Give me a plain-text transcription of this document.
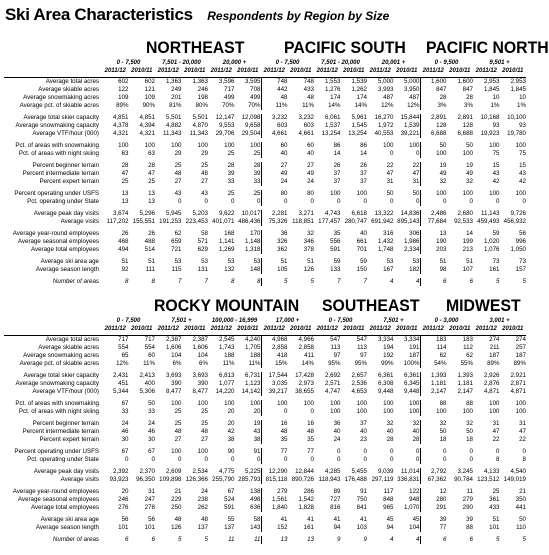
Ski Area Characteristics Respondents by Region by Size
NORTHEAST PACIFIC SOUTH PACIFIC NORTH
0 - 7,500	7,501 - 20,000	20,000 +	0 - 7,500	7,501 - 20,000	20,001 +	0 - 9,500	9,501 +
2011/12 2010/11 2011/12 2010/11 2011/12 2010/11 2011/12 2010/11 2011/12 2010/11 2011/12 2010/11 2011/12 2010/11 2011/12 2010/11
Average total acres	602	602	1,363	1,363	3,596	3,595	748	748	1,553	1,539	5,000	5,000	1,600	1,600	2,953	2,953
Average skiable acres	122	121	249	246	717	708	442	433	1,276	1,262	3,993	3,950	847	847	1,845	1,845
Average snowmaking acres	109	109	201	198	499	499	48	48	174	174	487	487	28	28	10	10
Average pct. of skiable acres	89%	90%	81%	80%	70%	70%	11%	11%	14%	14%	12%	12%	3%	3%	1%	1%

Average total skier capacity	4,851	4,851	5,501	5,501	12,147	12,098	3,232	3,232	6,061	5,961	16,270	15,844	2,891	2,891	10,168	10,100
Average snowmaking capacity	4,378	4,394	4,882	4,870	9,553	9,658	603	603	1,537	1,545	1,972	1,539	128	128	93	93
Average VTF/hour (000)	4,321	4,321	11,343	11,343	29,706	29,504	4,661	4,661	13,254	13,254	40,553	39,221	6,688	6,688	19,923	19,780

Pct. of areas with snowmaking	100	100	100	100	100	100	60	60	86	86	100	100	50	50	100	100
Pct. of areas with night skiing	63	63	29	29	25	25	40	40	14	14	0	0	100	100	75	75

Percent beginner terrain	28	28	25	25	28	28	27	27	26	26	22	22	19	19	15	15
Percent intermediate terrain	47	47	48	48	39	39	49	49	37	37	47	47	49	49	43	43
Percent expert terrain	25	25	27	27	33	33	24	24	37	37	31	31	32	32	42	42

Percent operating under USFS	13	13	43	43	25	25	80	80	100	100	50	50	100	100	100	100
Pct. operating under State	13	13	0	0	0	0	0	0	0	0	0	0	0	0	0	0

Average peak day visits	3,674	5,296	5,945	5,203	9,622	10,017	2,281	3,271	4,743	6,618	13,322	14,836	2,486	2,680	11,143	9,726
Average visits	117,202	155,551	191,253	223,453	401,071	486,436	75,326	118,851	177,457	280,747	691,942	895,143	77,684	92,533	459,493	456,932

Average year-round employees	26	26	62	58	168	170	36	32	35	40	316	306	13	14	59	56
Average seasonal employees	468	488	659	571	1,141	1,148	326	346	556	661	1,432	1,986	190	199	1,020	996
Average total employees	494	514	721	629	1,269	1,318	362	378	591	701	1,748	2,334	203	213	1,076	1,050

Average ski area age	51	51	53	53	53	53	51	51	59	59	53	53	51	51	73	73
Average season length	92	111	115	131	132	148	105	126	133	150	167	182	98	107	161	157

Number of areas	8	8	7	7	8	8	5	5	7	7	4	4	6	6	5	5
ROCKY MOUNTAIN SOUTHEAST MIDWEST
0 - 7,500	7,501 +	100,000 - 16,999	17,000 +	0 - 7,500	7,501 +	0 - 3,000	3,001 +
2011/12 2010/11 2011/12 2010/11 2011/12 2010/11 2011/12 2010/11 2011/12 2010/11 2011/12 2010/11 2011/12 2010/11 2011/12 2010/11
Average total acres	717	717	2,387	2,387	2,545	4,240	4,968	4,966	547	547	3,334	3,334	183	183	274	274
Average skiable acres	554	554	1,606	1,606	1,743	1,705	2,858	2,858	113	113	194	191	114	112	211	257
Average snowmaking acres	65	60	104	104	188	188	418	411	97	97	192	187	62	62	187	187
Average pct. of skiable acres	12%	11%	6%	6%	11%	11%	15%	14%	95%	95%	99%	100%	54%	55%	89%	89%

Average total skier capacity	2,431	2,413	3,693	3,693	6,813	6,731	17,544	17,428	2,692	2,657	6,361	6,361	1,393	1,393	2,926	2,921
Average snowmaking capacity	451	400	390	390	1,077	1,123	3,035	2,973	2,571	2,536	6,308	6,345	1,181	1,181	2,876	2,871
Average VTF/hour (000)	5,344	5,306	8,477	8,477	14,220	14,142	39,217	38,655	4,747	4,653	9,448	9,448	2,147	2,147	4,871	4,871

Pct. of areas with snowmaking	67	50	100	100	100	100	100	100	100	100	100	100	88	88	100	100
Pct. of areas with night skiing	33	33	25	25	20	20	0	0	100	100	100	100	100	100	100	100

Percent beginner terrain	24	24	25	25	20	19	16	16	36	37	32	32	32	32	31	31
Percent intermediate terrain	46	46	48	48	42	43	48	48	40	40	40	40	50	50	47	47
Percent expert terrain	30	30	27	27	38	38	35	35	24	23	28	28	18	18	22	22

Percent operating under USFS	67	67	100	100	90	91	77	77	0	0	0	0	0	0	0	0
Pct. operating under State	0	0	0	0	0	0	0	0	0	0	0	0	0	0	8	8

Average peak day visits	2,392	2,370	2,609	2,534	4,775	5,225	12,290	12,844	4,285	5,455	9,039	11,014	2,792	3,245	4,133	4,540
Average visits	93,923	96,350	109,898	126,366	255,790	285,793	815,118	890,726	118,943	176,488	297,119	336,831	67,362	90,784	123,512	149,019

Average year-round employees	20	31	21	24	67	138	279	286	89	91	117	122	12	11	25	21
Average seasonal employees	246	247	229	238	524	498	1,561	1,542	727	750	848	948	280	279	361	350
Average total employees	276	278	250	262	591	636	1,840	1,828	816	841	965	1,070	291	290	433	441

Average ski area age	56	56	48	48	55	58	41	41	41	41	45	45	39	39	51	50
Average season length	101	101	126	137	137	143	152	161	94	103	94	104	77	88	101	110

Number of areas	6	6	5	5	11	11	13	13	9	9	4	4	6	6	5	5
